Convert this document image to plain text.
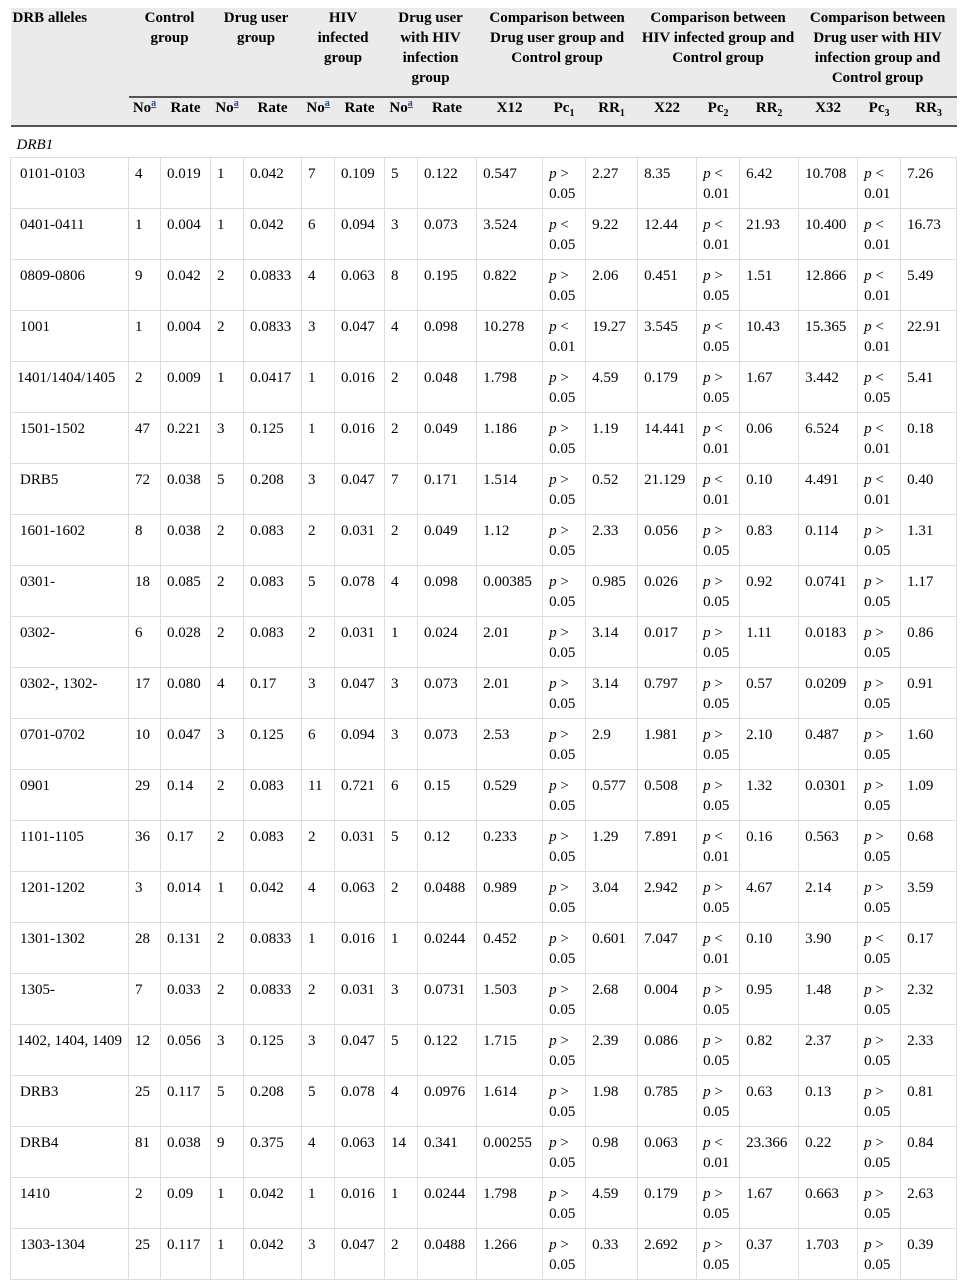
DRB alleles	Control group		Drug user group		HIV infected group		Drug user with HIV infection group		Comparison between Drug user group and Control group			Comparison between HIV infected group and Control group			Comparison between Drug user with HIV infection group and Control group		
	No$^a$	Rate	No$^a$	Rate	No$^a$	Rate	No$^a$	Rate	X12	$Pc_1$	$RR_1$	X22	$Pc_2$	$RR_2$	X32	$Pc_3$	$RR_3$
DRB1																	
0101-0103	4	0.019	1	0.042	7	0.109	5	0.122	0.547	p > 0.05	2.27	8.35	p < 0.01	6.42	10.708	p < 0.01	7.26
0401-0411	1	0.004	1	0.042	6	0.094	3	0.073	3.524	p < 0.05	9.22	12.44	p < 0.01	21.93	10.400	p < 0.01	16.73
0809-0806	9	0.042	2	0.0833	4	0.063	8	0.195	0.822	p > 0.05	2.06	0.451	p > 0.05	1.51	12.866	p < 0.01	5.49
1001	1	0.004	2	0.0833	3	0.047	4	0.098	10.278	p < 0.01	19.27	3.545	p < 0.05	10.43	15.365	p < 0.01	22.91
1401/1404/1405	2	0.009	1	0.0417	1	0.016	2	0.048	1.798	p > 0.05	4.59	0.179	p > 0.05	1.67	3.442	p < 0.05	5.41
1501-1502	47	0.221	3	0.125	1	0.016	2	0.049	1.186	p > 0.05	1.19	14.441	p < 0.01	0.06	6.524	p < 0.01	0.18
DRB5	72	0.038	5	0.208	3	0.047	7	0.171	1.514	p > 0.05	0.52	21.129	p < 0.01	0.10	4.491	p < 0.01	0.40
1601-1602	8	0.038	2	0.083	2	0.031	2	0.049	1.12	p > 0.05	2.33	0.056	p > 0.05	0.83	0.114	p > 0.05	1.31
0301-	18	0.085	2	0.083	5	0.078	4	0.098	0.00385	p > 0.05	0.985	0.026	p > 0.05	0.92	0.0741	p > 0.05	1.17
0302-	6	0.028	2	0.083	2	0.031	1	0.024	2.01	p > 0.05	3.14	0.017	p > 0.05	1.11	0.0183	p > 0.05	0.86
0302-, 1302-	17	0.080	4	0.17	3	0.047	3	0.073	2.01	p > 0.05	3.14	0.797	p > 0.05	0.57	0.0209	p > 0.05	0.91
0701-0702	10	0.047	3	0.125	6	0.094	3	0.073	2.53	p > 0.05	2.9	1.981	p > 0.05	2.10	0.487	p > 0.05	1.60
0901	29	0.14	2	0.083	11	0.721	6	0.15	0.529	p > 0.05	0.577	0.508	p > 0.05	1.32	0.0301	p > 0.05	1.09
1101-1105	36	0.17	2	0.083	2	0.031	5	0.12	0.233	p > 0.05	1.29	7.891	p < 0.01	0.16	0.563	p > 0.05	0.68
1201-1202	3	0.014	1	0.042	4	0.063	2	0.0488	0.989	p > 0.05	3.04	2.942	p > 0.05	4.67	2.14	p > 0.05	3.59
1301-1302	28	0.131	2	0.0833	1	0.016	1	0.0244	0.452	p > 0.05	0.601	7.047	p < 0.01	0.10	3.90	p < 0.05	0.17
1305-	7	0.033	2	0.0833	2	0.031	3	0.0731	1.503	p > 0.05	2.68	0.004	p > 0.05	0.95	1.48	p > 0.05	2.32
1402, 1404, 1409	12	0.056	3	0.125	3	0.047	5	0.122	1.715	p > 0.05	2.39	0.086	p > 0.05	0.82	2.37	p > 0.05	2.33
DRB3	25	0.117	5	0.208	5	0.078	4	0.0976	1.614	p > 0.05	1.98	0.785	p > 0.05	0.63	0.13	p > 0.05	0.81
DRB4	81	0.038	9	0.375	4	0.063	14	0.341	0.00255	p > 0.05	0.98	0.063	p < 0.01	23.366	0.22	p > 0.05	0.84
1410	2	0.09	1	0.042	1	0.016	1	0.0244	1.798	p > 0.05	4.59	0.179	p > 0.05	1.67	0.663	p > 0.05	2.63
1303-1304	25	0.117	1	0.042	3	0.047	2	0.0488	1.266	p > 0.05	0.33	2.692	p > 0.05	0.37	1.703	p > 0.05	0.39
